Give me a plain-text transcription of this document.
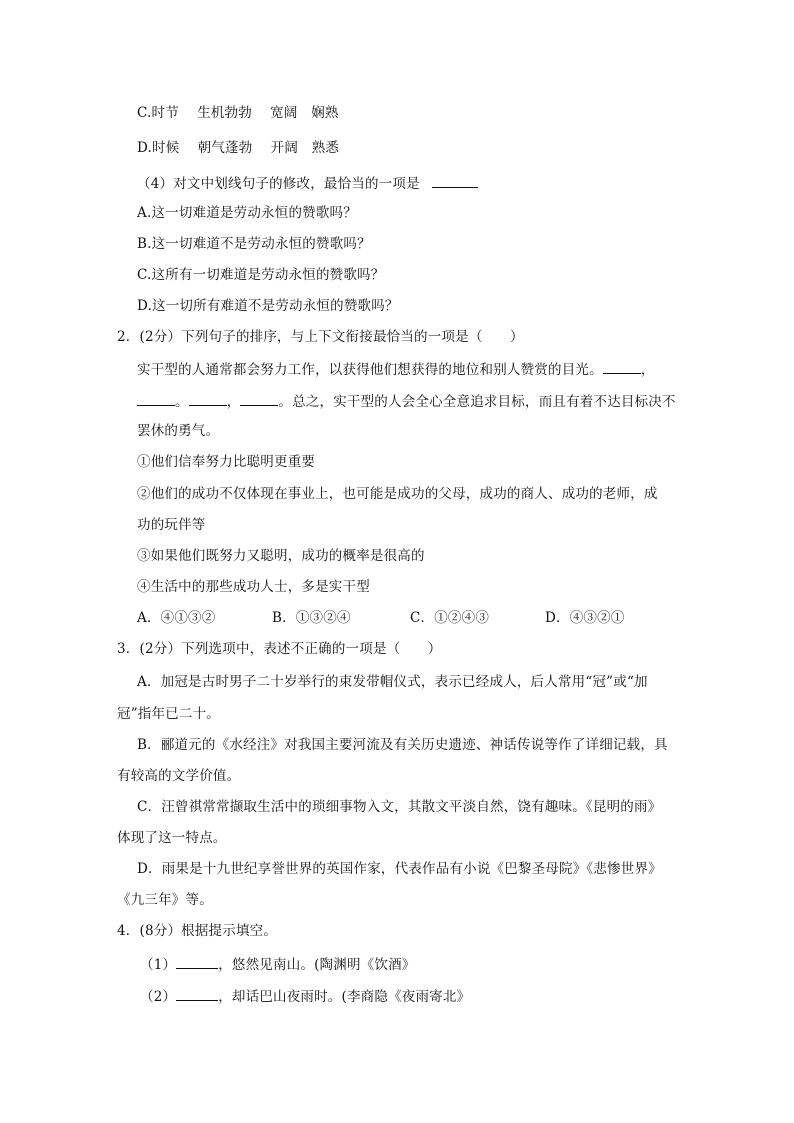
C.时节　 生机勃勃　 宽阔　娴熟
D.时候　 朝气蓬勃　 开阔　熟悉
（4）对文中划线句子的修改，最恰当的一项是
A.这一切难道是劳动永恒的赞歌吗？
B.这一切难道不是劳动永恒的赞歌吗？
C.这所有一切难道是劳动永恒的赞歌吗？
D.这一切所有难道不是劳动永恒的赞歌吗？
2．(2分）下列句子的排序，与上下文衔接最恰当的一项是（　　）
实干型的人通常都会努力工作，以获得他们想获得的地位和别人赞赏的目光。	，
。	，	。总之，实干型的人会全心全意追求目标，而且有着不达目标决不
罢休的勇气。
①他们信奉努力比聪明更重要
②他们的成功不仅体现在事业上，也可能是成功的父母，成功的商人、成功的老师，成
功的玩伴等
③如果他们既努力又聪明，成功的概率是很高的
④生活中的那些成功人士，多是实干型
A．④①③②	B．①③②④	C．①②④③	D．④③②①
3．(2分）下列选项中，表述不正确的一项是（　　）
A．加冠是古时男子二十岁举行的束发带帽仪式，表示已经成人，后人常用“冠”或“加
冠”指年已二十。
B．郦道元的《水经注》对我国主要河流及有关历史遗迹、神话传说等作了详细记载，具
有较高的文学价值。
C．汪曾祺常常撷取生活中的琐细事物入文，其散文平淡自然，饶有趣味。《昆明的雨》
体现了这一特点。
D．雨果是十九世纪享誉世界的英国作家，代表作品有小说《巴黎圣母院》《悲惨世界》
《九三年》等。
4．(8分）根据提示填空。
（1）	，悠然见南山。(陶渊明《饮酒》
（2）	，却话巴山夜雨时。(李商隐《夜雨寄北》
